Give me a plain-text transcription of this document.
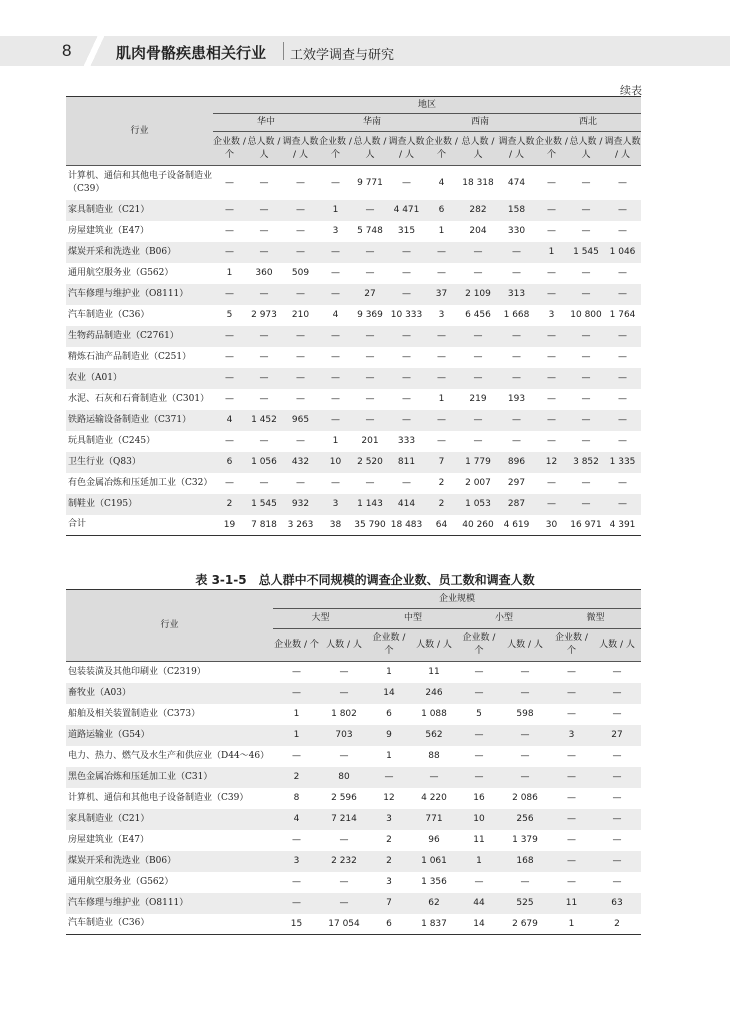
8	肌肉骨骼疾患相关行业 工效学调查与研究
续表
行业	地区											
	华中			华南			西南			西北		
	企业数 / 个	总人数 / 人	调查人数 / 人	企业数 / 个	总人数 / 人	调查人数 / 人	企业数 / 个	总人数 / 人	调查人数 / 人	企业数 / 个	总人数 / 人	调查人数 / 人
计算机、通信和其他电子设备制造业（C39）	—	—	—	—	9 771	—	4	18 318	474	—	—	—
家具制造业（C21）	—	—	—	1	—	4 471	6	282	158	—	—	—
房屋建筑业（E47）	—	—	—	3	5 748	315	1	204	330	—	—	—
煤炭开采和洗选业（B06）	—	—	—	—	—	—	—	—	—	1	1 545	1 046
通用航空服务业（G562）	1	360	509	—	—	—	—	—	—	—	—	—
汽车修理与维护业（O8111）	—	—	—	—	27	—	37	2 109	313	—	—	—
汽车制造业（C36）	5	2 973	210	4	9 369	10 333	3	6 456	1 668	3	10 800	1 764
生物药品制造业（C2761）	—	—	—	—	—	—	—	—	—	—	—	—
精炼石油产品制造业（C251）	—	—	—	—	—	—	—	—	—	—	—	—
农业（A01）	—	—	—	—	—	—	—	—	—	—	—	—
水泥、石灰和石膏制造业（C301）	—	—	—	—	—	—	1	219	193	—	—	—
铁路运输设备制造业（C371）	4	1 452	965	—	—	—	—	—	—	—	—	—
玩具制造业（C245）	—	—	—	1	201	333	—	—	—	—	—	—
卫生行业（Q83）	6	1 056	432	10	2 520	811	7	1 779	896	12	3 852	1 335
有色金属冶炼和压延加工业（C32）	—	—	—	—	—	—	2	2 007	297	—	—	—
制鞋业（C195）	2	1 545	932	3	1 143	414	2	1 053	287	—	—	—
合计	19	7 818	3 263	38	35 790	18 483	64	40 260	4 619	30	16 971	4 391
表 3-1-5　总人群中不同规模的调查企业数、员工数和调查人数
行业	企业规模							
	大型		中型		小型		微型	
	企业数 / 个	人数 / 人	企业数 / 个	人数 / 人	企业数 / 个	人数 / 人	企业数 / 个	人数 / 人
包装装潢及其他印刷业（C2319）	—	—	1	11	—	—	—	—
畜牧业（A03）	—	—	14	246	—	—	—	—
船舶及相关装置制造业（C373）	1	1 802	6	1 088	5	598	—	—
道路运输业（G54）	1	703	9	562	—	—	3	27
电力、热力、燃气及水生产和供应业（D44～46）	—	—	1	88	—	—	—	—
黑色金属冶炼和压延加工业（C31）	2	80	—	—	—	—	—	—
计算机、通信和其他电子设备制造业（C39）	8	2 596	12	4 220	16	2 086	—	—
家具制造业（C21）	4	7 214	3	771	10	256	—	—
房屋建筑业（E47）	—	—	2	96	11	1 379	—	—
煤炭开采和洗选业（B06）	3	2 232	2	1 061	1	168	—	—
通用航空服务业（G562）	—	—	3	1 356	—	—	—	—
汽车修理与维护业（O8111）	—	—	7	62	44	525	11	63
汽车制造业（C36）	15	17 054	6	1 837	14	2 679	1	2
